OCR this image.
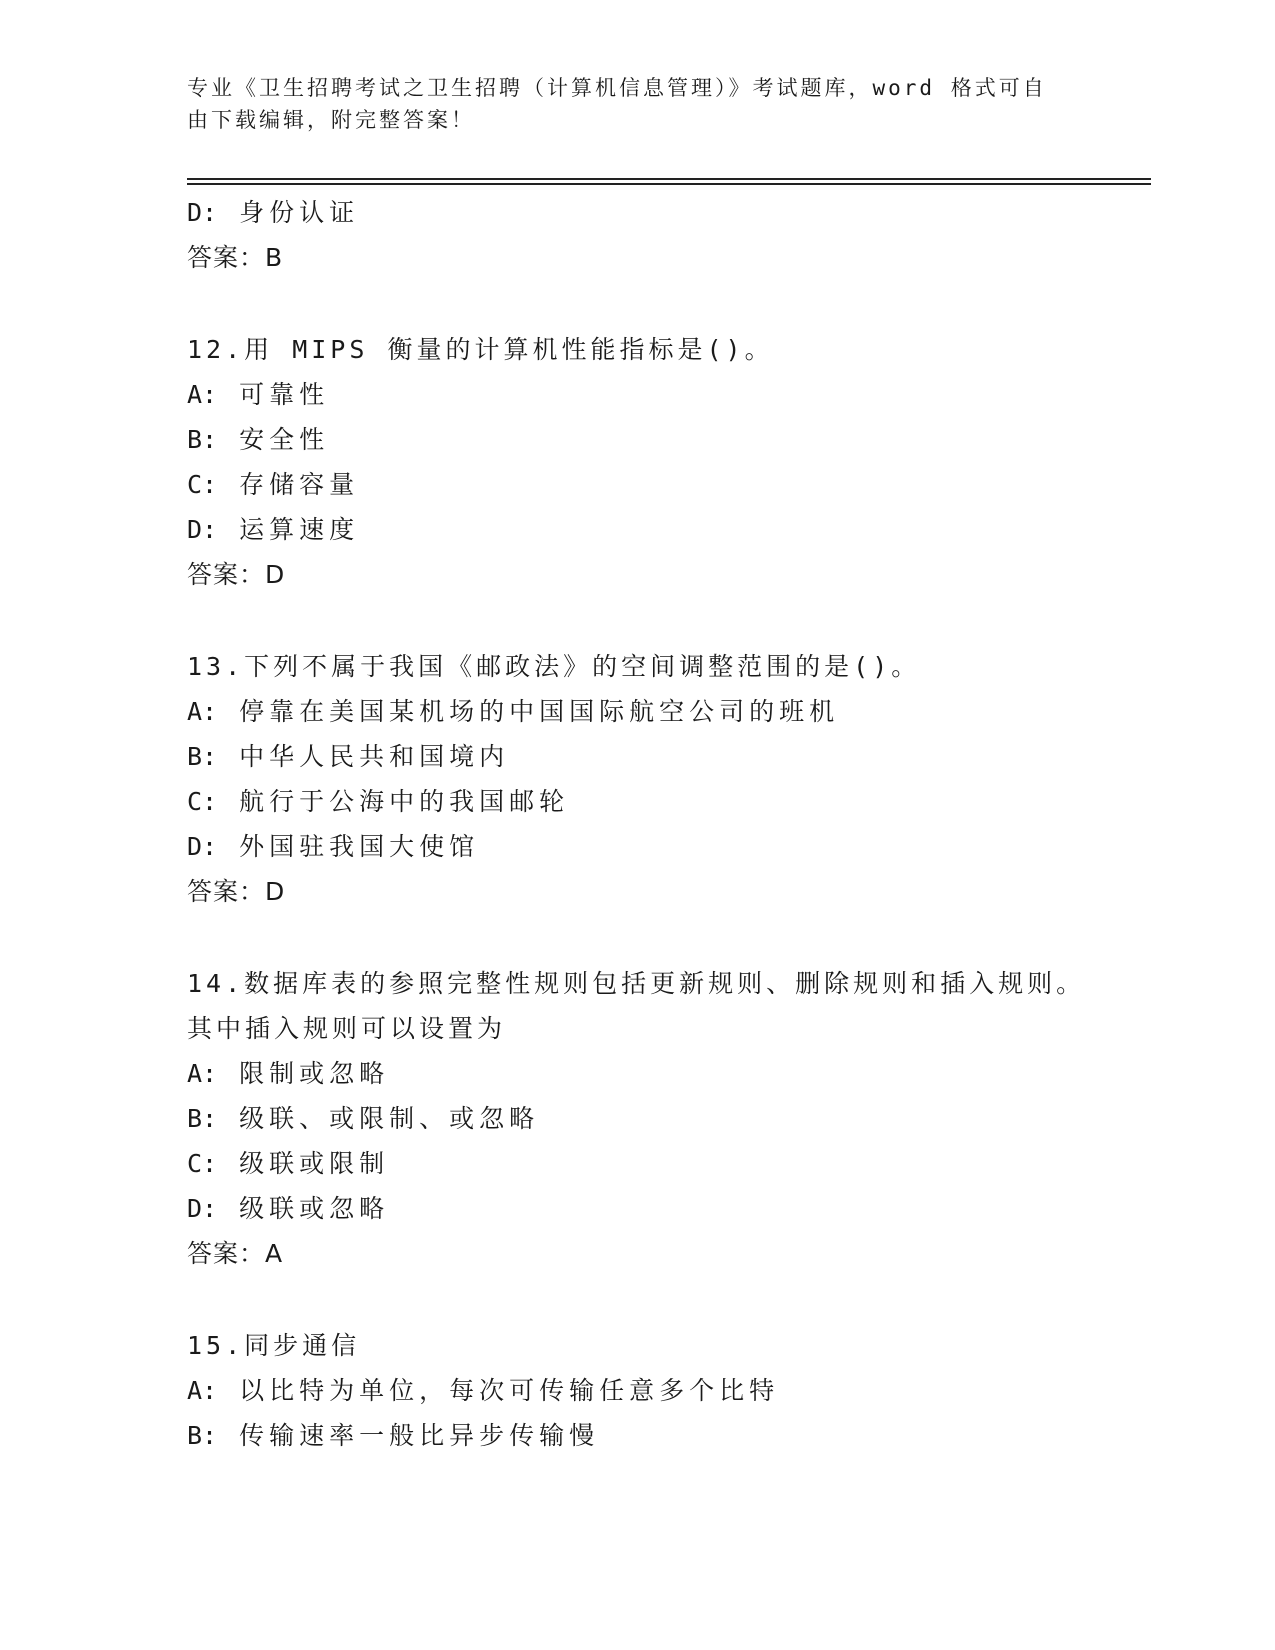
专业《卫生招聘考试之卫生招聘（计算机信息管理）》考试题库，word 格式可自
由下载编辑，附完整答案！
D: 身份认证
答案：B
12.用 MIPS 衡量的计算机性能指标是()。
A: 可靠性
B: 安全性
C: 存储容量
D: 运算速度
答案：D
13.下列不属于我国《邮政法》的空间调整范围的是()。
A: 停靠在美国某机场的中国国际航空公司的班机
B: 中华人民共和国境内
C: 航行于公海中的我国邮轮
D: 外国驻我国大使馆
答案：D
14.数据库表的参照完整性规则包括更新规则、删除规则和插入规则。
其中插入规则可以设置为
A: 限制或忽略
B: 级联、或限制、或忽略
C: 级联或限制
D: 级联或忽略
答案：A
15.同步通信
A: 以比特为单位，每次可传输任意多个比特
B: 传输速率一般比异步传输慢
